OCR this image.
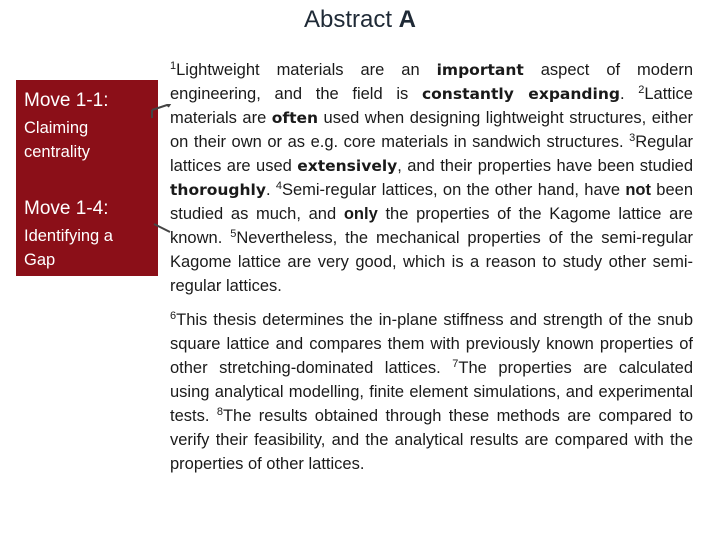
Abstract A
Move 1-1:
Claiming
centrality
Move 1-4:
Identifying a
Gap

$^1$Lightweight materials are an important aspect of modern engineering, and the field is constantly expanding. $^2$Lattice materials are often used when designing lightweight structures, either on their own or as e.g. core materials in sandwich structures. $^3$Regular lattices are used extensively, and their properties have been studied thoroughly. $^4$Semi-regular lattices, on the other hand, have not been studied as much, and only the properties of the Kagome lattice are known. $^5$Nevertheless, the mechanical properties of the semi-regular Kagome lattice are very good, which is a reason to study other semi-regular lattices.

$^6$This thesis determines the in-plane stiffness and strength of the snub square lattice and compares them with previously known properties of other stretching-dominated lattices. $^7$The properties are calculated using analytical modelling, finite element simulations, and experimental tests. $^8$The results obtained through these methods are compared to verify their feasibility, and the analytical results are compared with the properties of other lattices.
